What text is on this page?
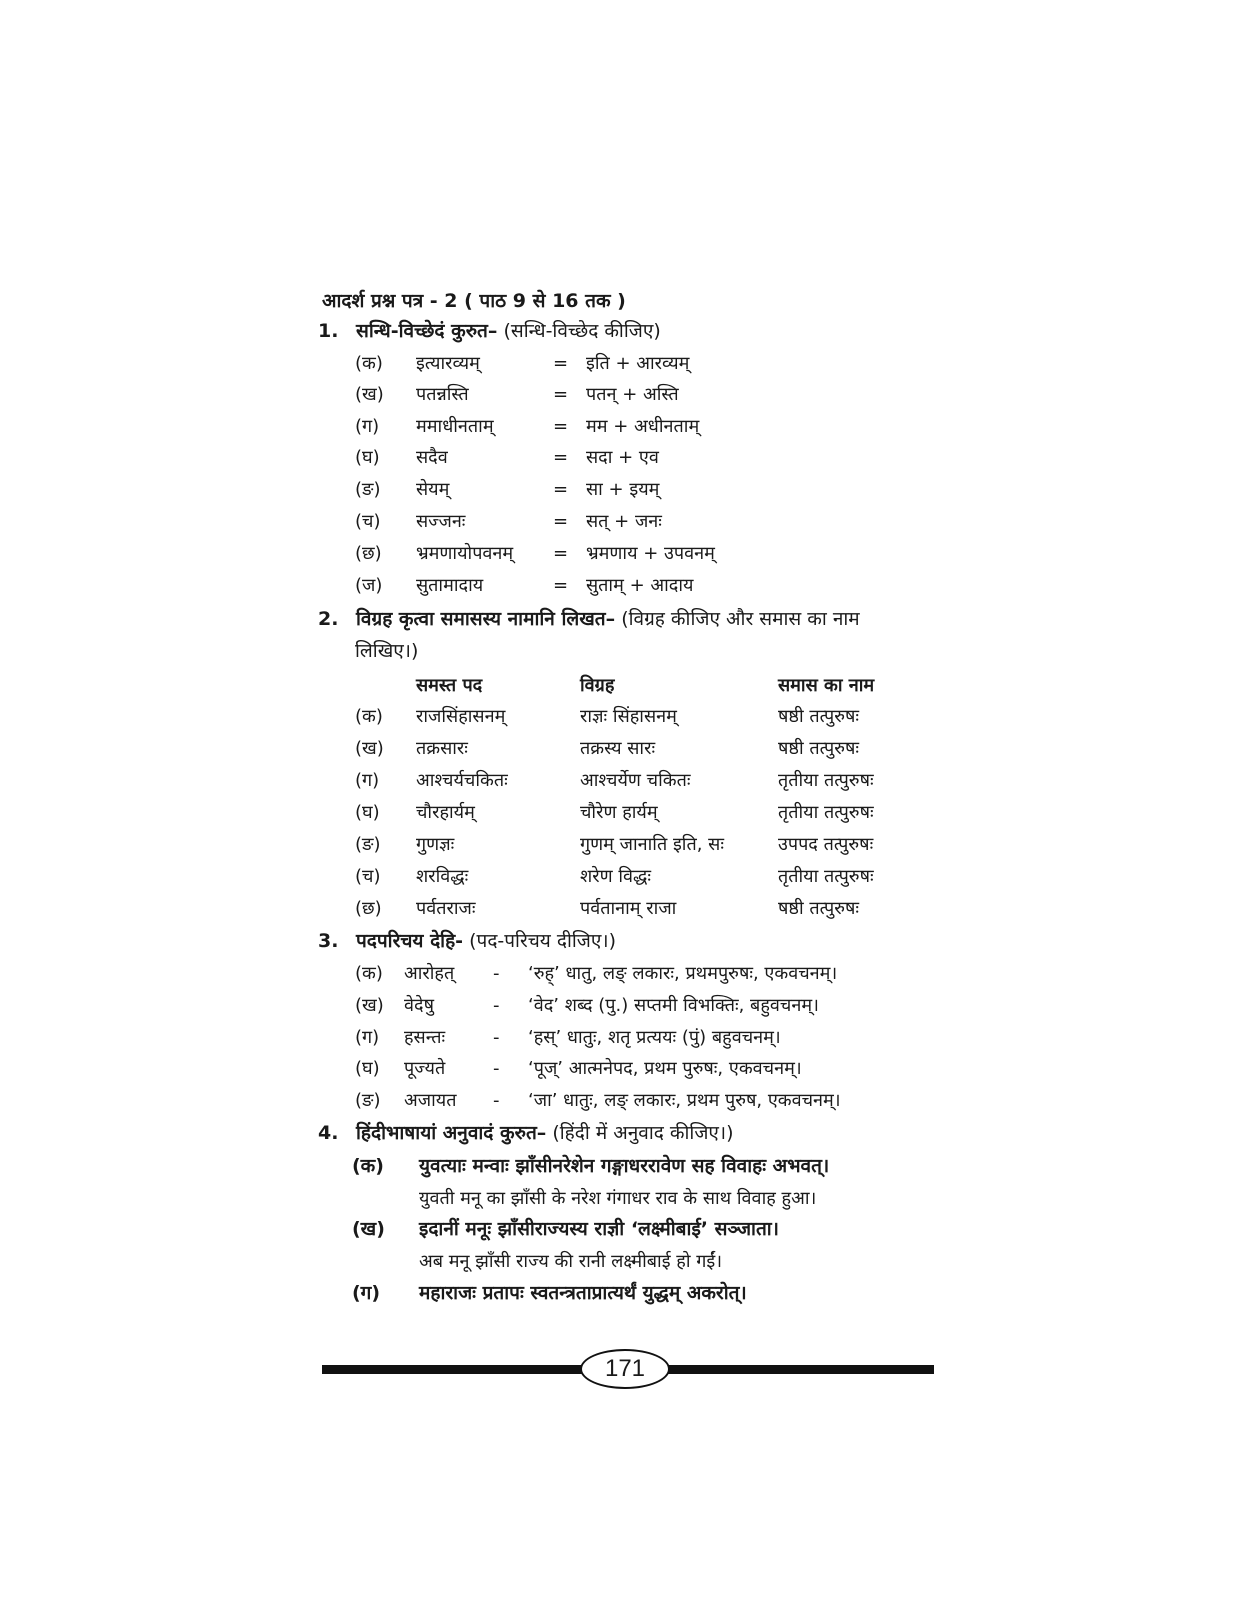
आदर्श प्रश्न पत्र - 2 ( पाठ 9 से 16 तक )
1. सन्धि-विच्छेदं कुरुत– (सन्धि-विच्छेद कीजिए)
(क) इत्यारव्यम्	= इति + आरव्यम्
(ख) पतन्नस्ति	= पतन् + अस्ति
(ग) ममाधीनताम्	= मम + अधीनताम्
(घ) सदैव	= सदा + एव
(ङ) सेयम्	= सा + इयम्
(च) सज्जनः	= सत् + जनः
(छ) भ्रमणायोपवनम् = भ्रमणाय + उपवनम्
(ज) सुतामादाय	= सुताम् + आदाय
2. विग्रह कृत्वा समासस्य नामानि लिखत– (विग्रह कीजिए और समास का नाम
लिखिए।)
समस्त पद	विग्रह	समास का नाम
(क) राजसिंहासनम्	राज्ञः सिंहासनम्	षष्ठी तत्पुरुषः
(ख) तक्रसारः	तक्रस्य सारः	षष्ठी तत्पुरुषः
(ग) आश्चर्यचकितः	आश्चर्येण चकितः	तृतीया तत्पुरुषः
(घ) चौरहार्यम्	चौरेण हार्यम्	तृतीया तत्पुरुषः
(ङ) गुणज्ञः	गुणम् जानाति इति, सः	उपपद तत्पुरुषः
(च) शरविद्धः	शरेण विद्धः	तृतीया तत्पुरुषः
(छ) पर्वतराजः	पर्वतानाम् राजा	षष्ठी तत्पुरुषः
3. पदपरिचय देहि- (पद-परिचय दीजिए।)
(क) आरोहत् - ‘रुह्’ धातु, लङ् लकारः, प्रथमपुरुषः, एकवचनम्।
(ख) वेदेषु	- ‘वेद’ शब्द (पु.) सप्तमी विभक्तिः, बहुवचनम्।
(ग) हसन्तः	- ‘हस्’ धातुः, शतृ प्रत्ययः (पुं) बहुवचनम्।
(घ) पूज्यते	- ‘पूज्’ आत्मनेपद, प्रथम पुरुषः, एकवचनम्।
(ङ) अजायत - ‘जा’ धातुः, लङ् लकारः, प्रथम पुरुष, एकवचनम्।
4. हिंदीभाषायां अनुवादं कुरुत– (हिंदी में अनुवाद कीजिए।)
(क) युवत्याः मन्वाः झाँसीनरेशेन गङ्गाधररावेण सह विवाहः अभवत्।
युवती मनू का झाँसी के नरेश गंगाधर राव के साथ विवाह हुआ।
(ख) इदानीं मनूः झाँसीराज्यस्य राज्ञी ‘लक्ष्मीबाई’ सञ्जाता।
अब मनू झाँसी राज्य की रानी लक्ष्मीबाई हो गईं।
(ग) महाराजः प्रतापः स्वतन्त्रताप्रात्यर्थं युद्धम् अकरोत्।
171
